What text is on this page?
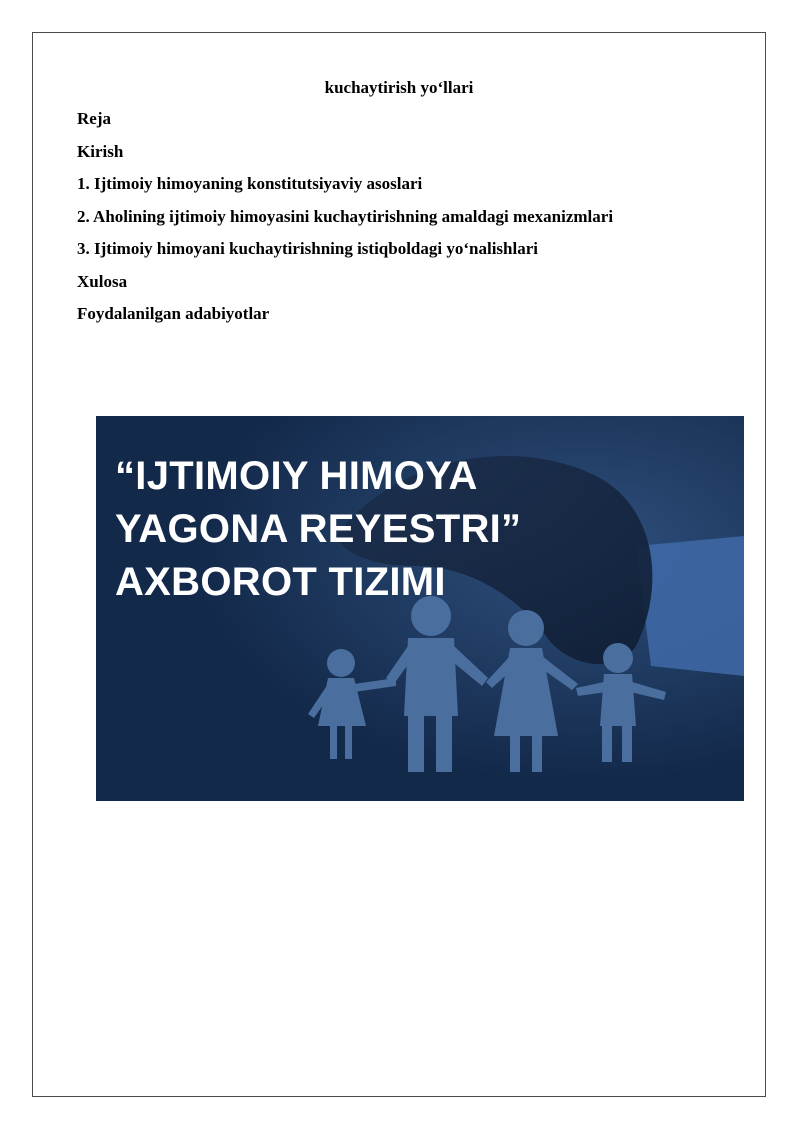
kuchaytirish yo‘llari
Reja
Kirish
1. Ijtimoiy himoyaning konstitutsiyaviy asoslari
2. Aholining ijtimoiy himoyasini kuchaytirishning amaldagi mexanizmlari
3. Ijtimoiy himoyani kuchaytirishning istiqboldagi yo‘nalishlari
Xulosa
Foydalanilgan adabiyotlar
“IJTIMOIY HIMOYA
YAGONA REYESTRI”
AXBOROT TIZIMI
